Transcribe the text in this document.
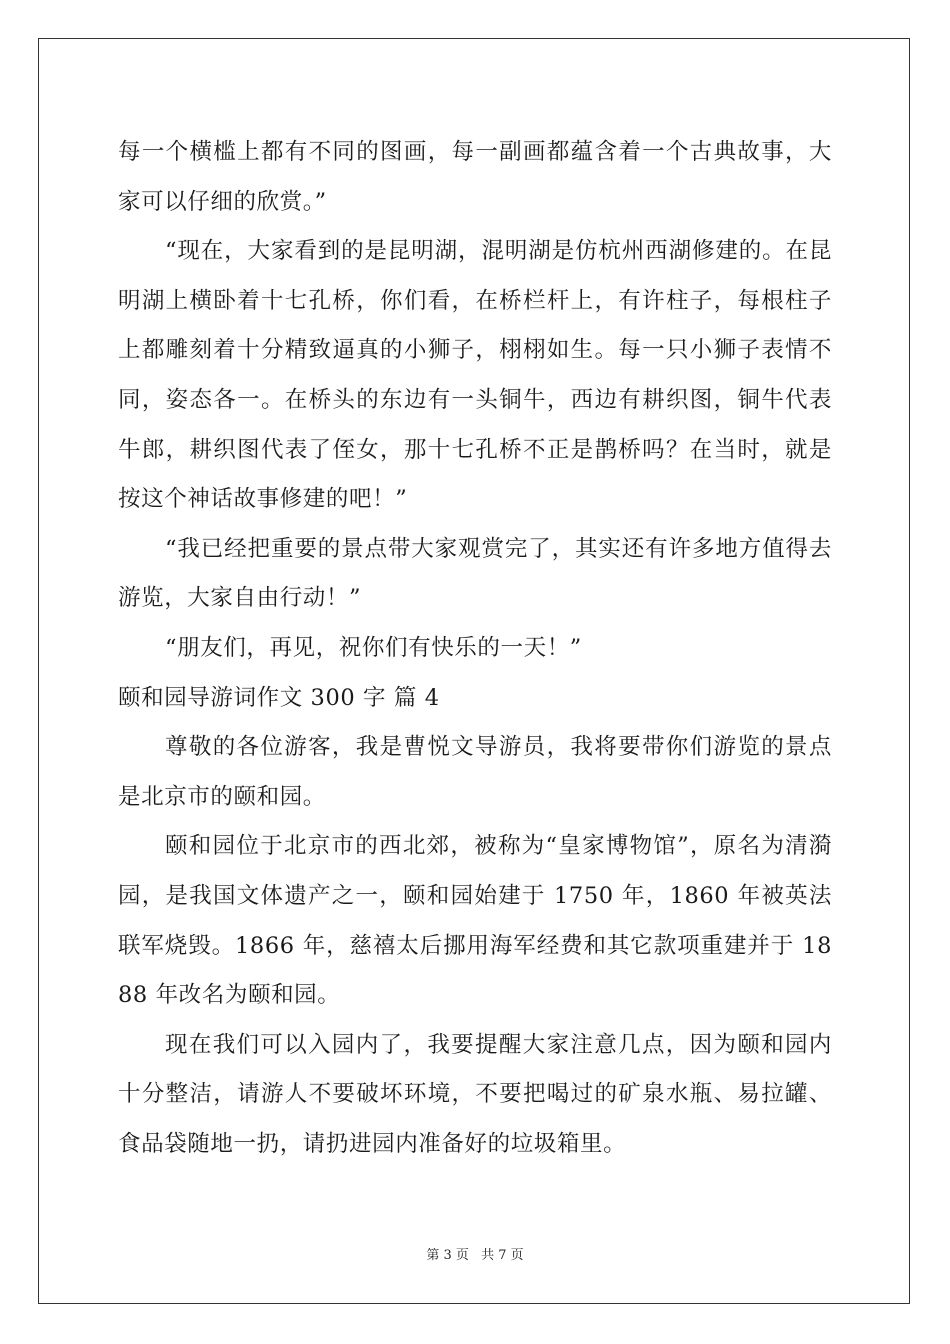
每一个横槛上都有不同的图画，每一副画都蕴含着一个古典故事，大家可以仔细的欣赏。”

“现在，大家看到的是昆明湖，混明湖是仿杭州西湖修建的。在昆明湖上横卧着十七孔桥，你们看，在桥栏杆上，有许柱子，每根柱子上都雕刻着十分精致逼真的小狮子，栩栩如生。每一只小狮子表情不同，姿态各一。在桥头的东边有一头铜牛，西边有耕织图，铜牛代表牛郎，耕织图代表了侄女，那十七孔桥不正是鹊桥吗？在当时，就是按这个神话故事修建的吧！”

“我已经把重要的景点带大家观赏完了，其实还有许多地方值得去游览，大家自由行动！”

“朋友们，再见，祝你们有快乐的一天！”

颐和园导游词作文 300 字 篇 4

尊敬的各位游客，我是曹悦文导游员，我将要带你们游览的景点是北京市的颐和园。

颐和园位于北京市的西北郊，被称为“皇家博物馆”，原名为清漪园，是我国文体遗产之一，颐和园始建于 1750 年，1860 年被英法联军烧毁。1866 年，慈禧太后挪用海军经费和其它款项重建并于 1888 年改名为颐和园。

现在我们可以入园内了，我要提醒大家注意几点，因为颐和园内十分整洁，请游人不要破坏环境，不要把喝过的矿泉水瓶、易拉罐、食品袋随地一扔，请扔进园内准备好的垃圾箱里。

第 3 页 共 7 页
